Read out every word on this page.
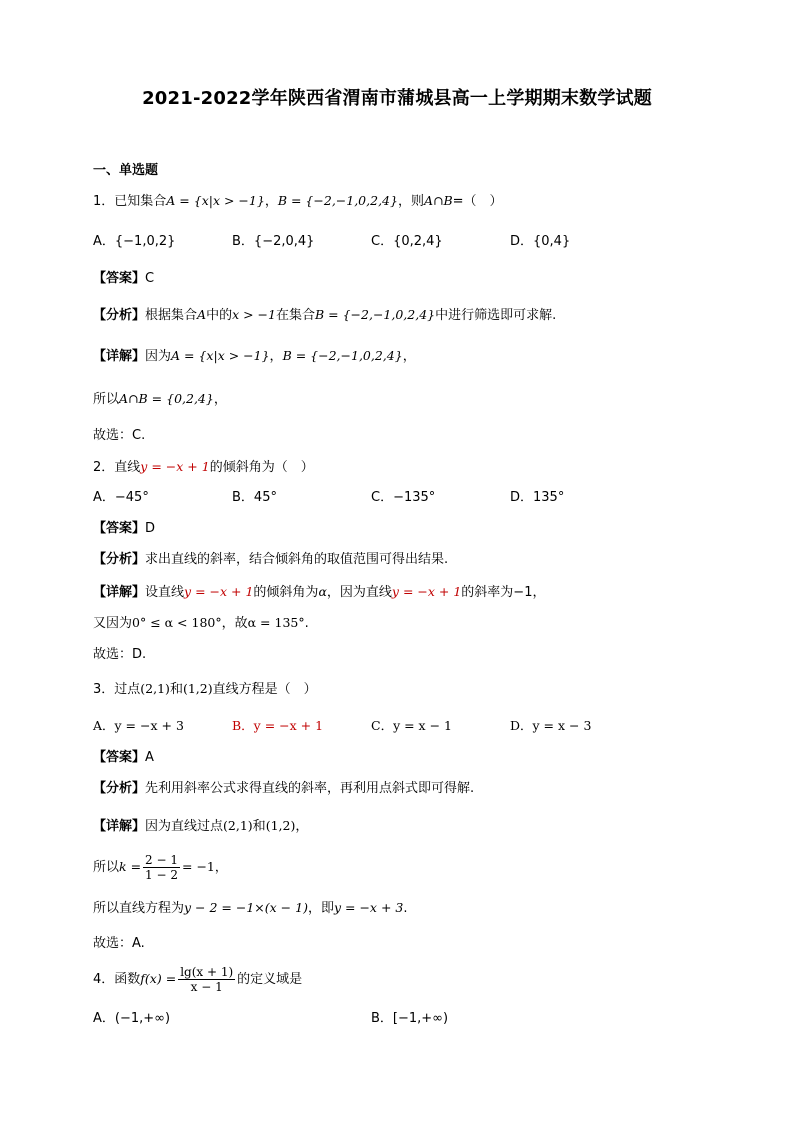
2021-2022学年陕西省渭南市蒲城县高一上学期期末数学试题
一、单选题
1．已知集合A = {x|x > −1}，B = {−2,−1,0,2,4}，则A∩B=（　）
A．{−1,0,2}	B．{−2,0,4}	C．{0,2,4}	D．{0,4}
【答案】C
【分析】根据集合A中的x > −1在集合B = {−2,−1,0,2,4}中进行筛选即可求解.
【详解】因为A = {x|x > −1}，B = {−2,−1,0,2,4}，
所以A∩B = {0,2,4}，
故选：C.
2．直线y = −x + 1的倾斜角为（　）
A．−45°	B．45°	C．−135°	D．135°
【答案】D
【分析】求出直线的斜率，结合倾斜角的取值范围可得出结果.
【详解】设直线y = −x + 1的倾斜角为α，因为直线y = −x + 1的斜率为−1，
又因为0° ≤ α < 180°，故α = 135°.
故选：D.
3．过点(2,1)和(1,2)直线方程是（　）
A．y = −x + 3	B．y = −x + 1	C．y = x − 1	D．y = x − 3
【答案】A
【分析】先利用斜率公式求得直线的斜率，再利用点斜式即可得解.
【详解】因为直线过点(2,1)和(1,2)，
所以$k = \frac{2 - 1}{1 - 2} = -1$，
所以直线方程为y − 2 = −1×(x − 1)，即y = −x + 3.
故选：A.
4．函数$f(x) = \frac{\lg(x + 1)}{x - 1}$ 的定义域是
A．(−1,+∞)	B．[−1,+∞)
